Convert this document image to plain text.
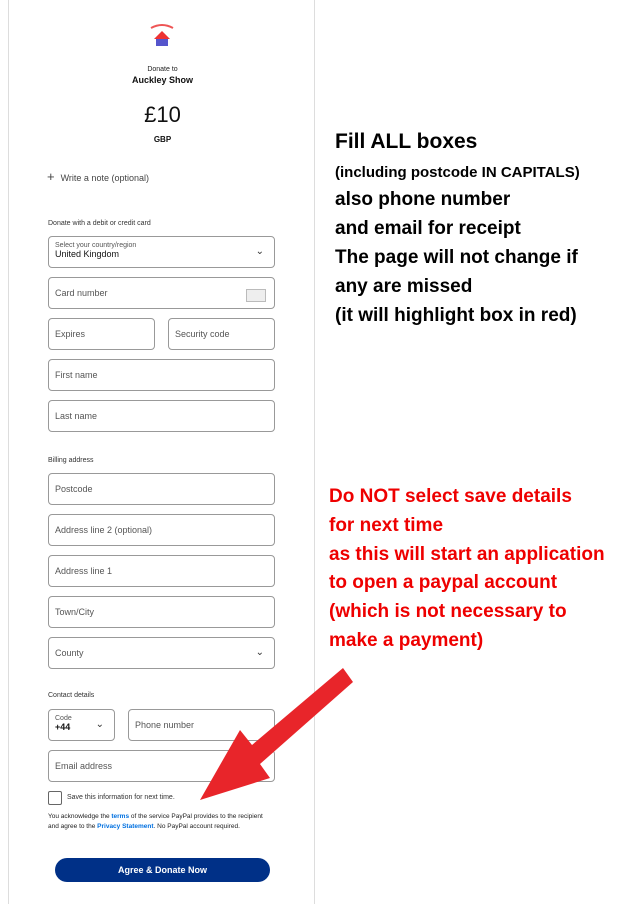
Donate to
Auckley Show
£10
GBP
+ Write a note (optional)
Donate with a debit or credit card
Select your country/region
United Kingdom	⌄
Card number
Expires	Security code
First name
Last name
Billing address
Postcode
Address line 2 (optional)
Address line 1
Town/City
County	⌄
Contact details
Code
+44	⌄	Phone number
Email address
Save this information for next time.
You acknowledge the terms of the service PayPal provides to the recipient and agree to the Privacy Statement. No PayPal account required.
Agree & Donate Now
Fill ALL boxes
(including postcode IN CAPITALS)
also phone number
and email for receipt
The page will not change if
any are missed
(it will highlight box in red)
Do NOT select save details
for next time
as this will start an application
to open a paypal account
(which is not necessary to
make a payment)
